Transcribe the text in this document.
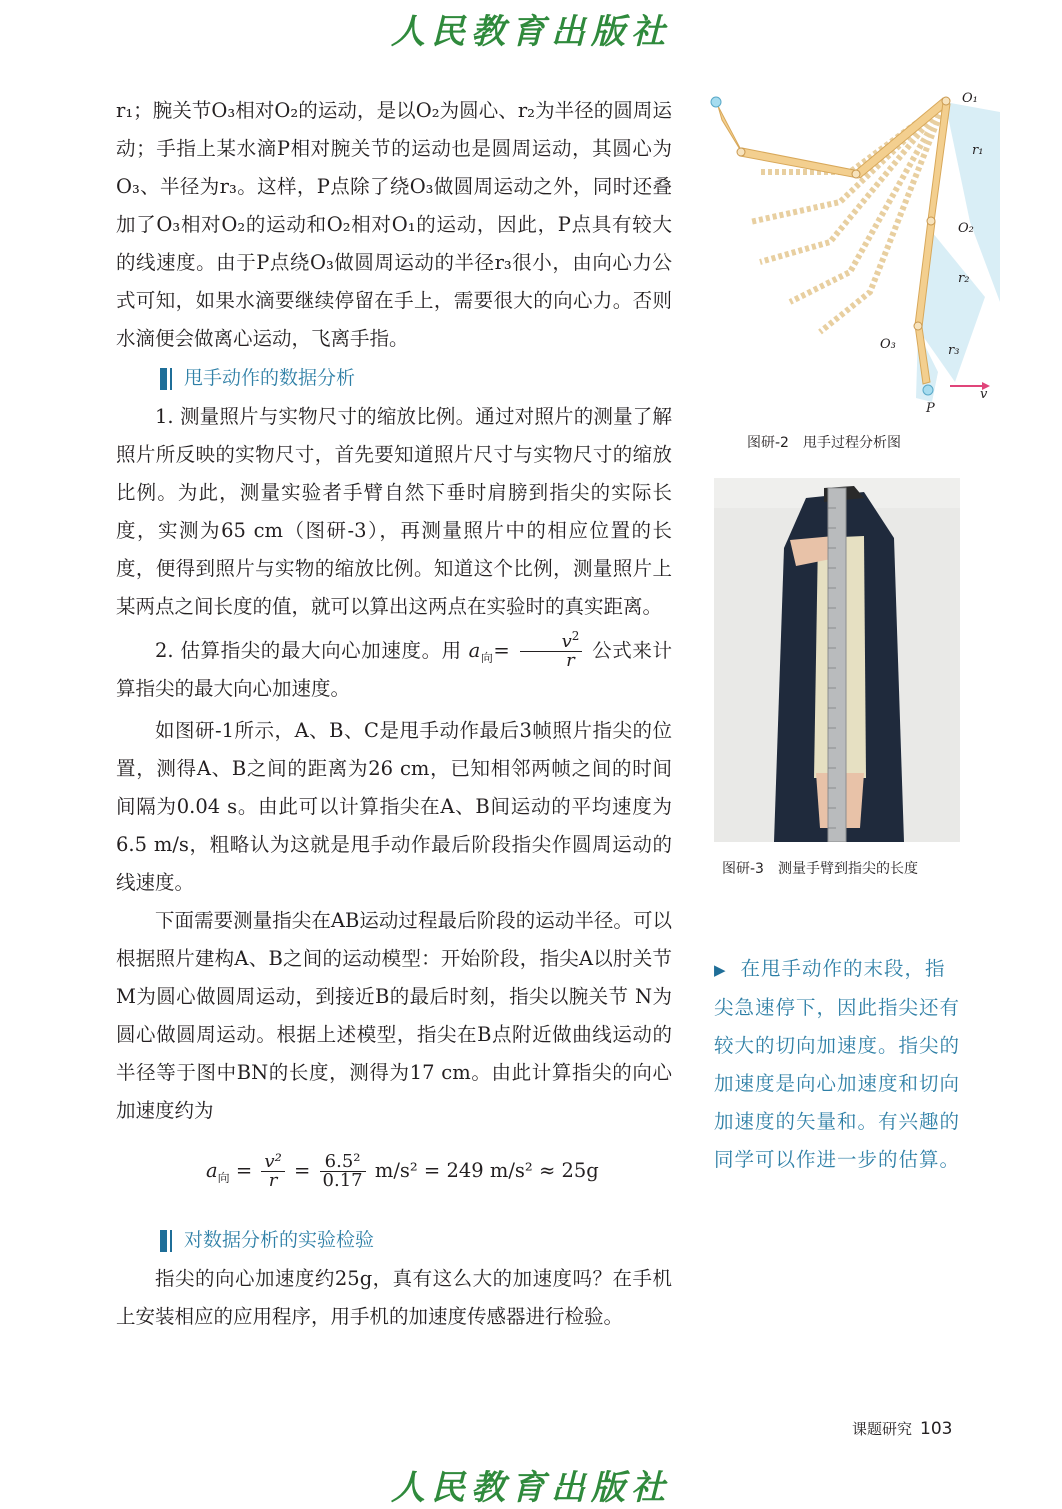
人民教育出版社

r₁；腕关节O₃相对O₂的运动，是以O₂为圆心、r₂为半径的圆周运动；手指上某水滴P相对腕关节的运动也是圆周运动，其圆心为O₃、半径为r₃。这样，P点除了绕O₃做圆周运动之外，同时还叠加了O₃相对O₂的运动和O₂相对O₁的运动，因此，P点具有较大的线速度。由于P点绕O₃做圆周运动的半径r₃很小，由向心力公式可知，如果水滴要继续停留在手上，需要很大的向心力。否则水滴便会做离心运动，飞离手指。

甩手动作的数据分析

1. 测量照片与实物尺寸的缩放比例。通过对照片的测量了解照片所反映的实物尺寸，首先要知道照片尺寸与实物尺寸的缩放比例。为此，测量实验者手臂自然下垂时肩膀到指尖的实际长度，实测为65 cm（图研-3），再测量照片中的相应位置的长度，便得到照片与实物的缩放比例。知道这个比例，测量照片上某两点之间长度的值，就可以算出这两点在实验时的真实距离。

2. 估算指尖的最大向心加速度。用 $a_向= \frac{v^2}{r}$ 公式来计算指尖的最大向心加速度。

如图研-1所示，A、B、C是甩手动作最后3帧照片指尖的位置，测得A、B之间的距离为26 cm，已知相邻两帧之间的时间间隔为0.04 s。由此可以计算指尖在A、B间运动的平均速度为6.5 m/s，粗略认为这就是甩手动作最后阶段指尖作圆周运动的线速度。

下面需要测量指尖在AB运动过程最后阶段的运动半径。可以根据照片建构A、B之间的运动模型：开始阶段，指尖A以肘关节M为圆心做圆周运动，到接近B的最后时刻，指尖以腕关节 N为圆心做圆周运动。根据上述模型，指尖在B点附近做曲线运动的半径等于图中BN的长度，测得为17 cm。由此计算指尖的向心加速度约为

$a_向 = \frac{\text{v²}}{r} = \frac{\text{6.5²}}{0.17} m/s^2 = 249$ m/s² ≈ 25g
对数据分析的实验检验

指尖的向心加速度约25g，真有这么大的加速度吗？在手机上安装相应的应用程序，用手机的加速度传感器进行检验。

O₁
r₁
O₂
r₂
O₃	r₃
P
v
图研-2　甩手过程分析图
图研-3　测量手臂到指尖的长度
▶ 在甩手动作的末段，指尖急速停下，因此指尖还有较大的切向加速度。指尖的加速度是向心加速度和切向加速度的矢量和。有兴趣的同学可以作进一步的估算。
课题研究 103
人民教育出版社
